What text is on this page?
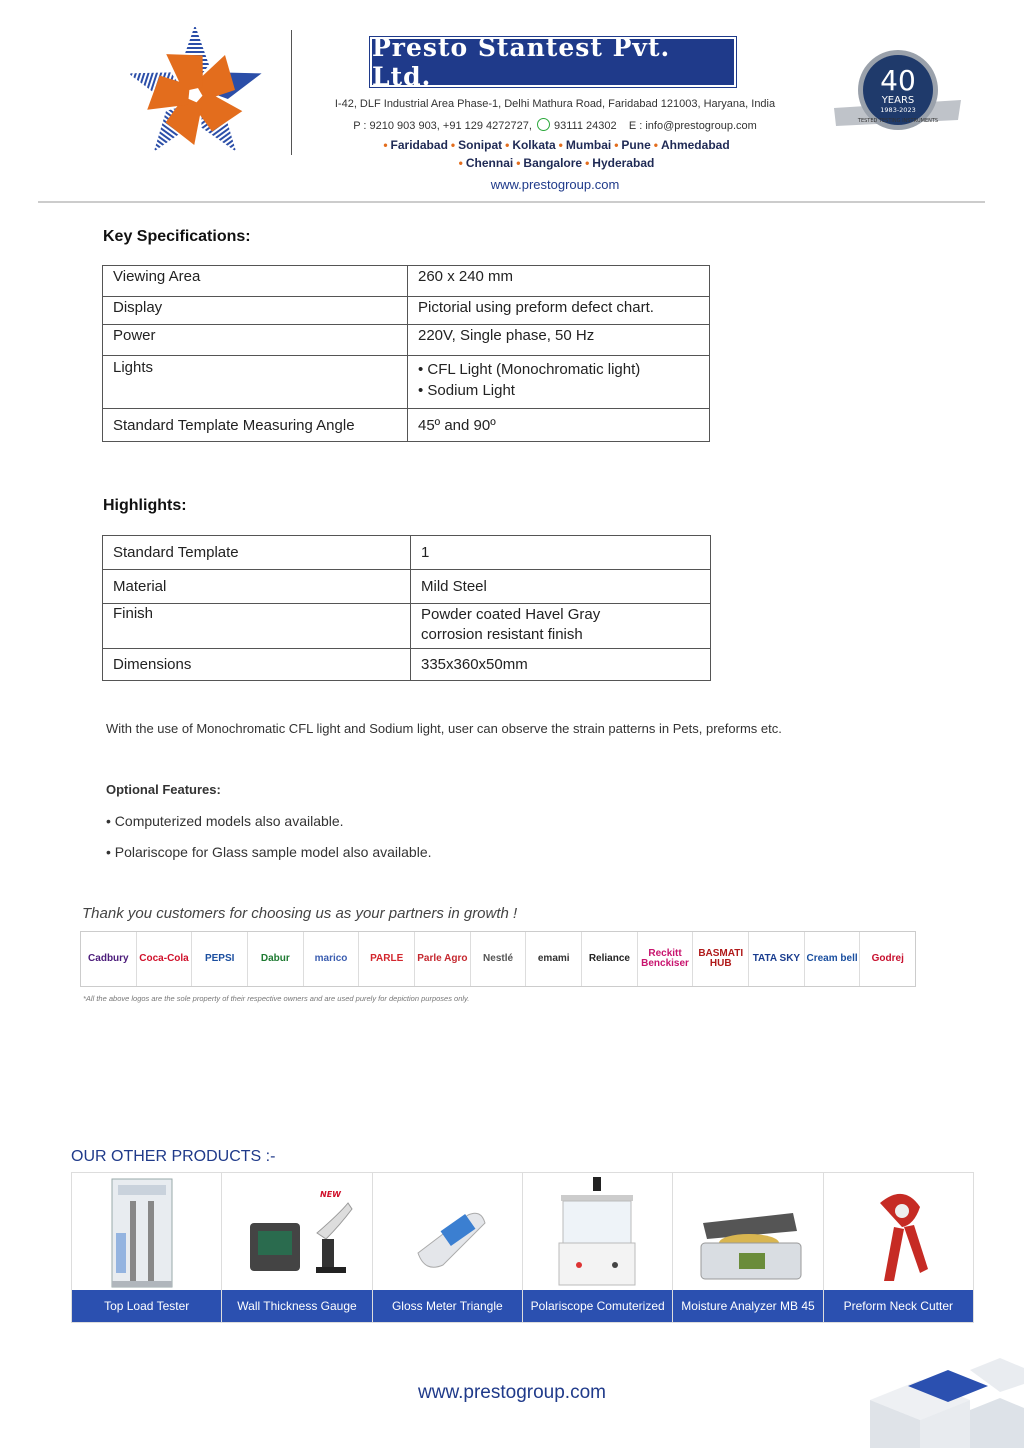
Presto Stantest Pvt. Ltd.
I-42, DLF Industrial Area Phase-1, Delhi Mathura Road, Faridabad 121003, Haryana, India
P : 9210 903 903, +91 129 4272727, 93111 24302 E : info@prestogroup.com
• Faridabad • Sonipat • Kolkata • Mumbai • Pune • Ahmedabad
• Chennai • Bangalore • Hyderabad
www.prestogroup.com
40
YEARS
1983-2023
TESTED TESTING INSTRUMENTS
Key Specifications:
Viewing Area	260 x 240 mm
Display	Pictorial using preform defect chart.
Power	220V, Single phase, 50 Hz
Lights	• CFL Light (Monochromatic light)
• Sodium Light

Standard Template Measuring Angle	45º and 90º
Highlights:
Standard Template	1
Material	Mild Steel
Finish	Powder coated Havel Gray
corrosion resistant finish

Dimensions	335x360x50mm
With the use of Monochromatic CFL light and Sodium light, user can observe the strain patterns in Pets, preforms etc.
Optional Features:
• Computerized models also available.
• Polariscope for Glass sample model also available.
Thank you customers for choosing us as your partners in growth !
Cadbury	Coca-Cola	PEPSI	Dabur	marico	PARLE	Parle Agro	Nestlé	emami	Reliance	Reckitt
Benckiser
BASMATI HUB	TATA SKY Cream bell	Godrej
*All the above logos are the sole property of their respective owners and are used purely for depiction purposes only.
OUR OTHER PRODUCTS :-
Top Load Tester
NEW
Wall Thickness Gauge	Gloss Meter Triangle	Polariscope Comuterized	Moisture Analyzer MB 45	Preform Neck Cutter
www.prestogroup.com
